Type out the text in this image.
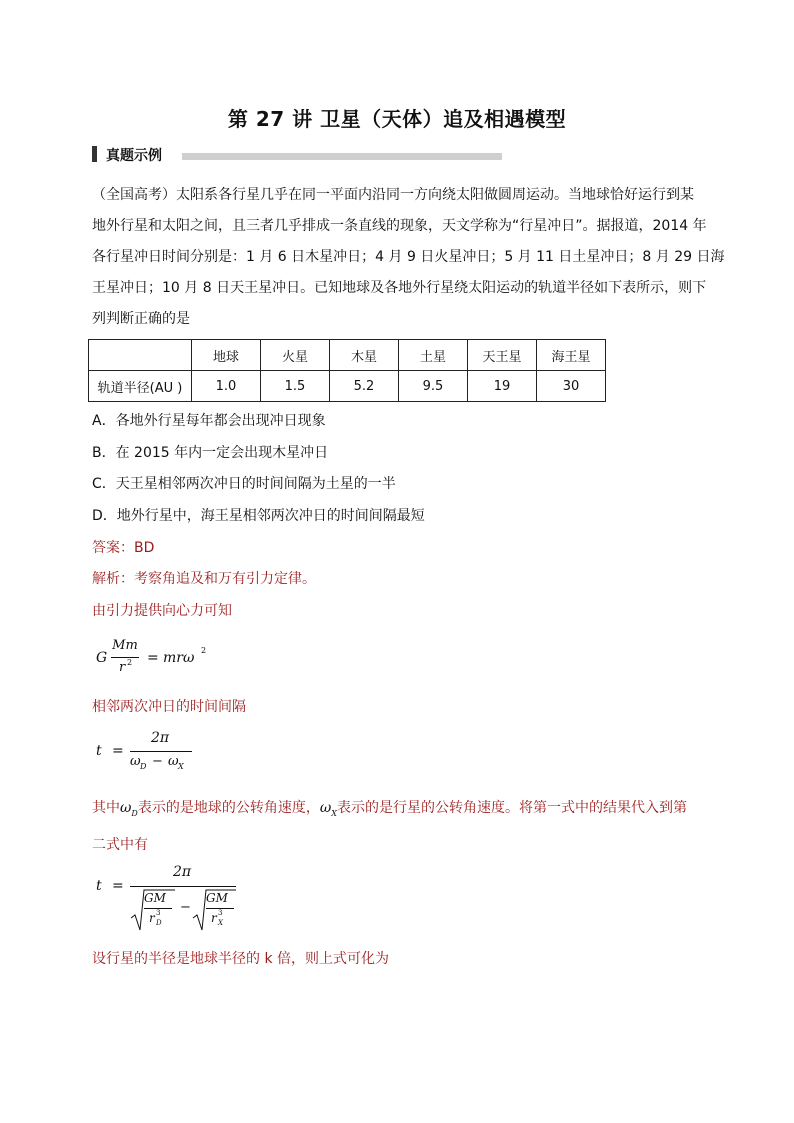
第 27 讲 卫星（天体）追及相遇模型
真题示例
（全国高考）太阳系各行星几乎在同一平面内沿同一方向绕太阳做圆周运动。当地球恰好运行到某
地外行星和太阳之间，且三者几乎排成一条直线的现象，天文学称为“行星冲日”。据报道，2014 年
各行星冲日时间分别是：1 月 6 日木星冲日；4 月 9 日火星冲日；5 月 11 日土星冲日；8 月 29 日海
王星冲日；10 月 8 日天王星冲日。已知地球及各地外行星绕太阳运动的轨道半径如下表所示，则下
列判断正确的是
	地球	火星	木星	土星	天王星	海王星
轨道半径(AU )	1.0	1.5	5.2	9.5	19	30
A．各地外行星每年都会出现冲日现象
B．在 2015 年内一定会出现木星冲日
C．天王星相邻两次冲日的时间间隔为土星的一半
D．地外行星中，海王星相邻两次冲日的时间间隔最短
答案：BD
解析：考察角追及和万有引力定律。
由引力提供向心力可知
G
Mm
r 2 = mrω 2
相邻两次冲日的时间间隔
t =
2π
ω D − ω X
其中$\omega_D$表示的是地球的公转角速度，$\omega_X$表示的是行星的公转角速度。将第一式中的结果代入到第
二式中有
t =
2π
GM
r 3
D
−
GM
r 3
X
设行星的半径是地球半径的 k 倍，则上式可化为
